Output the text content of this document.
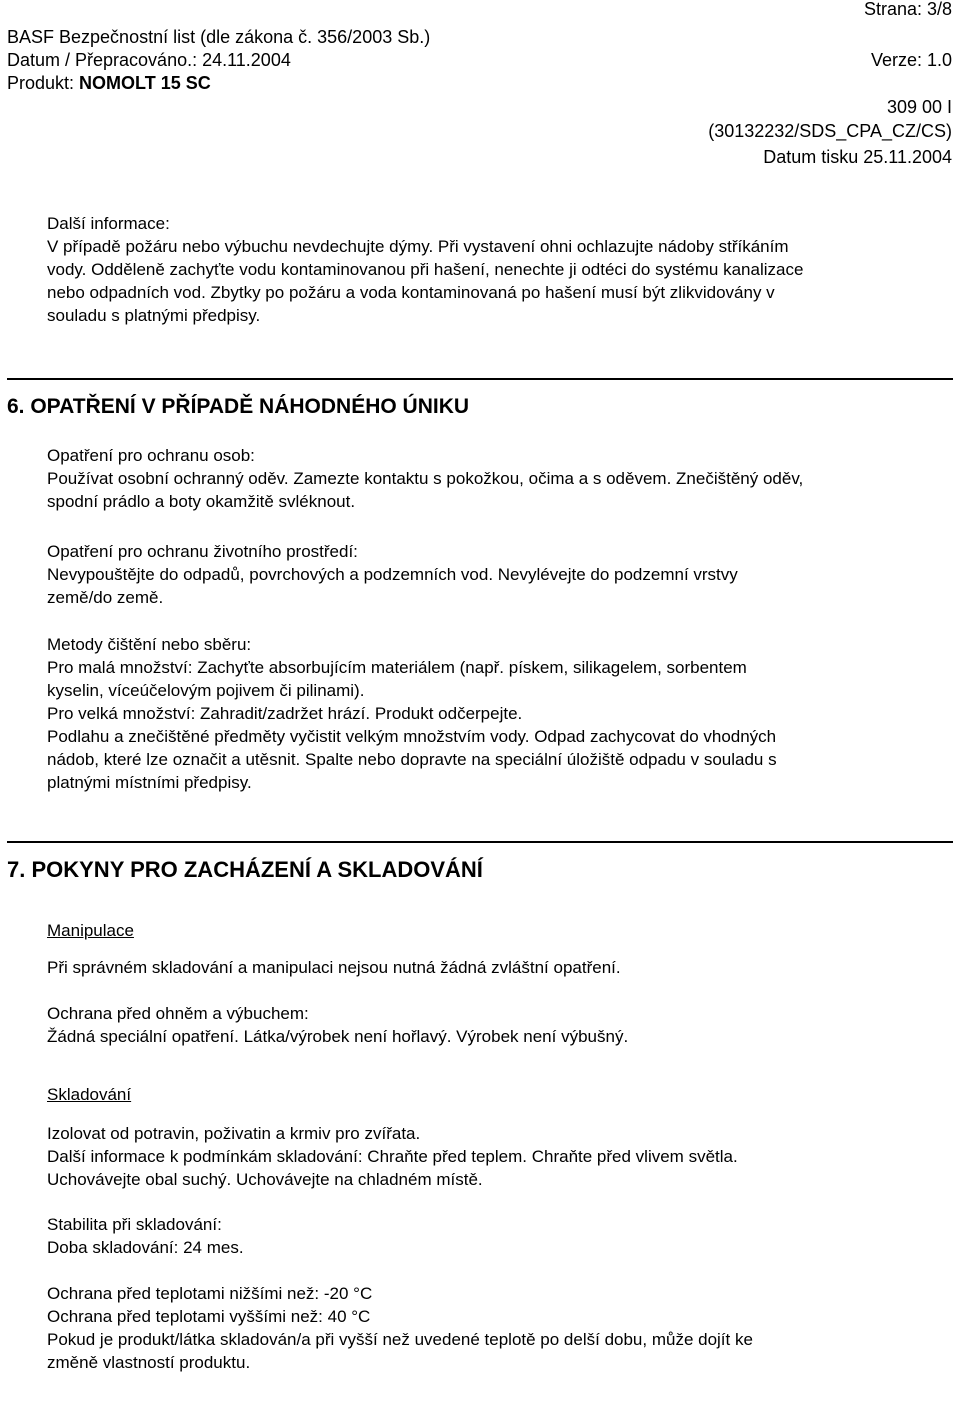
Strana: 3/8
BASF Bezpečnostní list (dle zákona č. 356/2003 Sb.)
Datum / Přepracováno.: 24.11.2004	Verze: 1.0
Produkt: NOMOLT 15 SC
309 00 I
(30132232/SDS_CPA_CZ/CS)
Datum tisku 25.11.2004
Další informace:
V případě požáru nebo výbuchu nevdechujte dýmy. Při vystavení ohni ochlazujte nádoby stříkáním
vody. Odděleně zachyťte vodu kontaminovanou při hašení, nenechte ji odtéci do systému kanalizace
nebo odpadních vod. Zbytky po požáru a voda kontaminovaná po hašení musí být zlikvidovány v
souladu s platnými předpisy.
6. OPATŘENÍ V PŘÍPADĚ NÁHODNÉHO ÚNIKU
Opatření pro ochranu osob:
Používat osobní ochranný oděv. Zamezte kontaktu s pokožkou, očima a s oděvem. Znečištěný oděv,
spodní prádlo a boty okamžitě svléknout.
Opatření pro ochranu životního prostředí:
Nevypouštějte do odpadů, povrchových a podzemních vod. Nevylévejte do podzemní vrstvy
země/do země.
Metody čištění nebo sběru:
Pro malá množství: Zachyťte absorbujícím materiálem (např. pískem, silikagelem, sorbentem
kyselin, víceúčelovým pojivem či pilinami).
Pro velká množství: Zahradit/zadržet hrází. Produkt odčerpejte.
Podlahu a znečištěné předměty vyčistit velkým množstvím vody. Odpad zachycovat do vhodných
nádob, které lze označit a utěsnit. Spalte nebo dopravte na speciální úložiště odpadu v souladu s
platnými místními předpisy.
7. POKYNY PRO ZACHÁZENÍ A SKLADOVÁNÍ
Manipulace
Při správném skladování a manipulaci nejsou nutná žádná zvláštní opatření.
Ochrana před ohněm a výbuchem:
Žádná speciální opatření. Látka/výrobek není hořlavý. Výrobek není výbušný.
Skladování
Izolovat od potravin, poživatin a krmiv pro zvířata.
Další informace k podmínkám skladování: Chraňte před teplem. Chraňte před vlivem světla.
Uchovávejte obal suchý. Uchovávejte na chladném místě.
Stabilita při skladování:
Doba skladování: 24 mes.
Ochrana před teplotami nižšími než: -20 °C
Ochrana před teplotami vyššími než: 40 °C
Pokud je produkt/látka skladován/a při vyšší než uvedené teplotě po delší dobu, může dojít ke
změně vlastností produktu.
